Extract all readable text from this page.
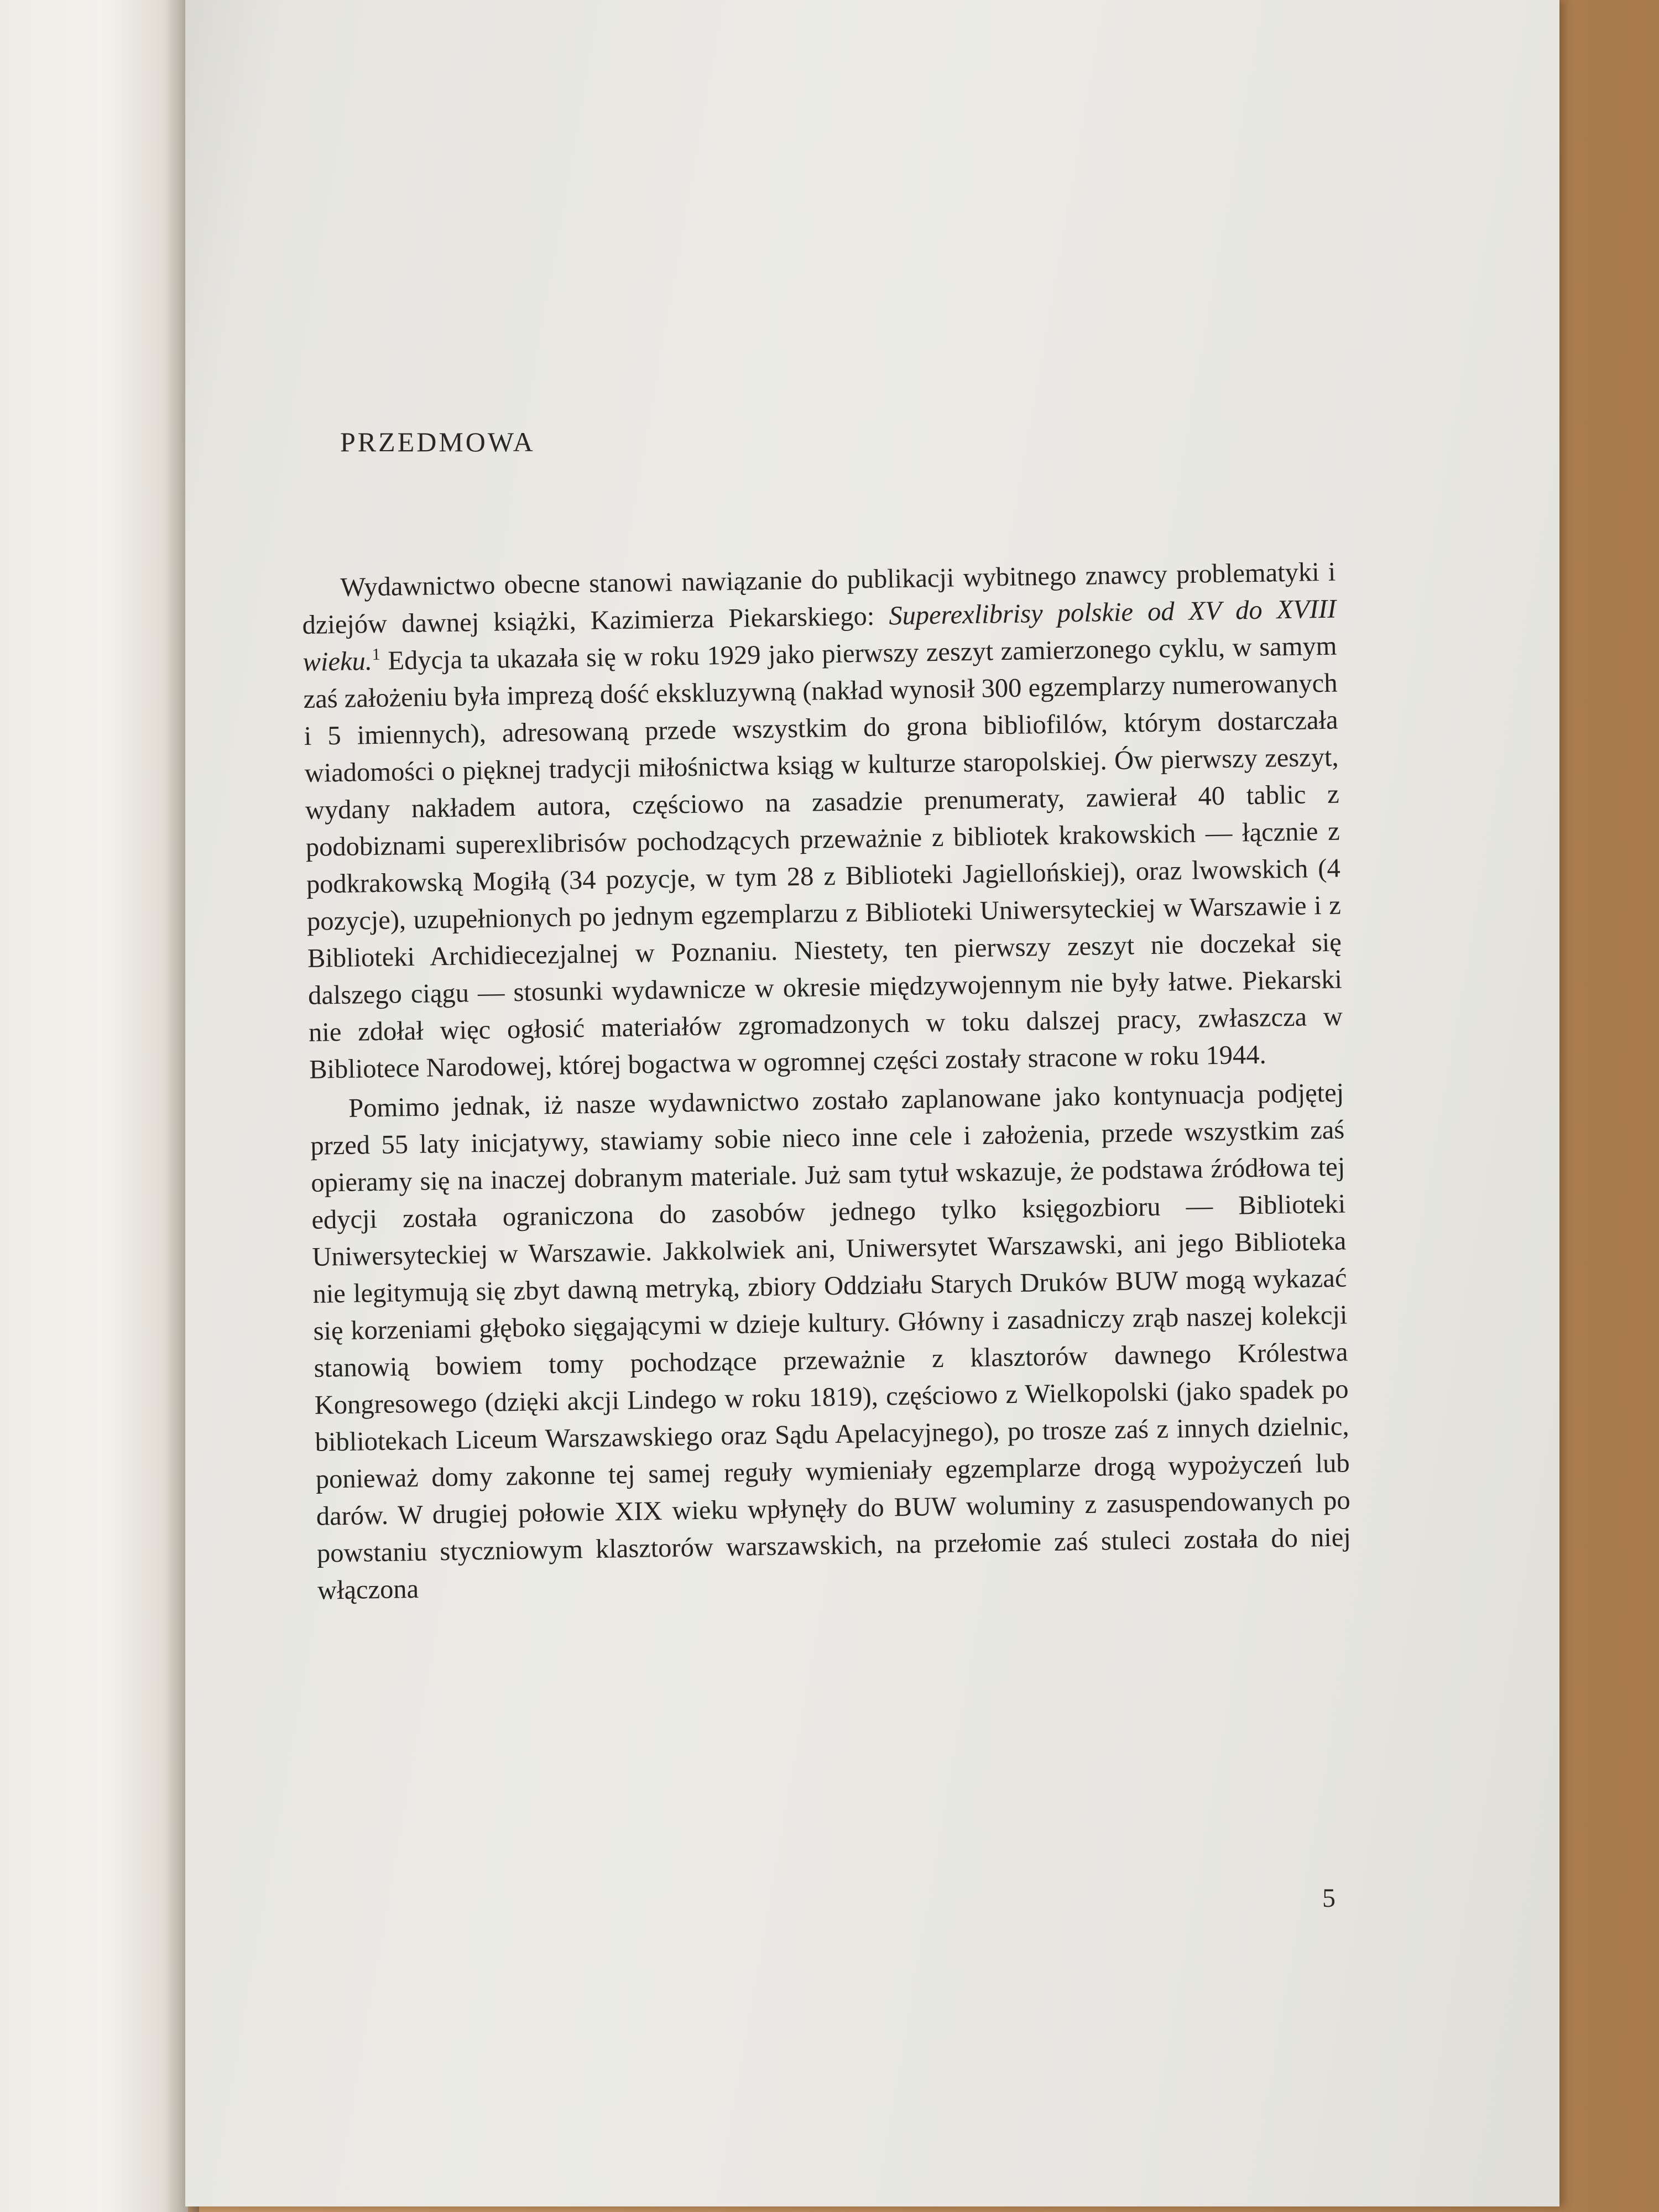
PRZEDMOWA

Wydawnictwo obecne stanowi nawiązanie do publikacji wybitnego znawcy problematyki i dziejów dawnej książki, Kazimierza Piekarskiego: Superexlibrisy polskie od XV do XVIII wieku.$^1$ Edycja ta ukazała się w roku 1929 jako pierwszy zeszyt zamierzonego cyklu, w samym zaś założeniu była imprezą dość ekskluzywną (nakład wynosił 300 egzemplarzy numerowanych i 5 imiennych), adresowaną przede wszystkim do grona bibliofilów, którym dostarczała wiadomości o pięknej tradycji miłośnictwa ksiąg w kulturze staropolskiej. Ów pierwszy zeszyt, wydany nakładem autora, częściowo na zasadzie prenumeraty, zawierał 40 tablic z podobiznami superexlibrisów pochodzących przeważnie z bibliotek krakowskich — łącznie z podkrakowską Mogiłą (34 pozycje, w tym 28 z Biblioteki Jagiellońskiej), oraz lwowskich (4 pozycje), uzupełnionych po jednym egzemplarzu z Biblioteki Uniwersyteckiej w Warszawie i z Biblioteki Archidiecezjalnej w Poznaniu. Niestety, ten pierwszy zeszyt nie doczekał się dalszego ciągu — stosunki wydawnicze w okresie międzywojennym nie były łatwe. Piekarski nie zdołał więc ogłosić materiałów zgromadzonych w toku dalszej pracy, zwłaszcza w Bibliotece Narodowej, której bogactwa w ogromnej części zostały stracone w roku 1944.

Pomimo jednak, iż nasze wydawnictwo zostało zaplanowane jako kontynuacja podjętej przed 55 laty inicjatywy, stawiamy sobie nieco inne cele i założenia, przede wszystkim zaś opieramy się na inaczej dobranym materiale. Już sam tytuł wskazuje, że podstawa źródłowa tej edycji została ograniczona do zasobów jednego tylko księgozbioru — Biblioteki Uniwersyteckiej w Warszawie. Jakkolwiek ani, Uniwersytet Warszawski, ani jego Biblioteka nie legitymują się zbyt dawną metryką, zbiory Oddziału Starych Druków BUW mogą wykazać się korzeniami głęboko sięgającymi w dzieje kultury. Główny i zasadniczy zrąb naszej kolekcji stanowią bowiem tomy pochodzące przeważnie z klasztorów dawnego Królestwa Kongresowego (dzięki akcji Lindego w roku 1819), częściowo z Wielkopolski (jako spadek po bibliotekach Liceum Warszawskiego oraz Sądu Apelacyjnego), po trosze zaś z innych dzielnic, ponieważ domy zakonne tej samej reguły wymieniały egzemplarze drogą wypożyczeń lub darów. W drugiej połowie XIX wieku wpłynęły do BUW woluminy z zasuspendowanych po powstaniu styczniowym klasztorów warszawskich, na przełomie zaś stuleci została do niej włączona

5
